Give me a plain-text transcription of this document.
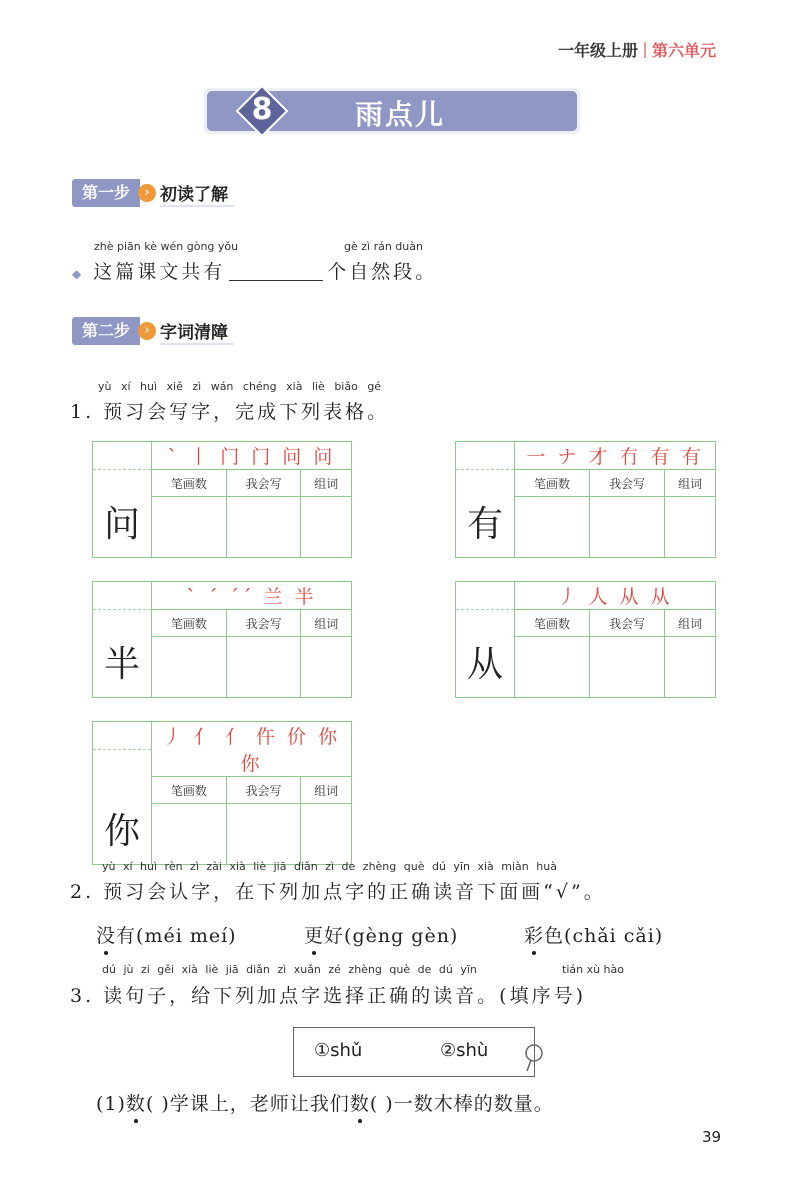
一年级上册 第六单元
8	雨点儿
第一步	› 初读了解
zhè piān kè wén gòng yǒu	gè zì rán duàn
◆ 这篇课文共有	个自然段。
第二步	› 字词清障
yù xí huì xiě zì wán chéng xià liè biǎo gé
1. 预习会写字，完成下列表格。
问	` 丨 门 门 问 问		
	笔画数	我会写	组词

有	一 ナ 才 冇 有 有		
	笔画数	我会写	组词

半	` ˊ ˊˊ 兰 半		
	笔画数	我会写	组词

从	丿 人 从 从		
	笔画数	我会写	组词

你	丿 亻 亻 仵 价 你 你		
	笔画数	我会写	组词

yù xí huì rèn zì zài xià liè jiā diǎn zì de zhèng què dú yīn xià miàn huà
2. 预习会认字，在下列加点字的正确读音下面画“√”。
没有(méi meí)	更好(gèng gèn)	彩色(chǎi cǎi)
dú jù zi gěi xià liè jiā diǎn zì xuǎn zé zhèng què de dú yīn	tián xù hào
3. 读句子，给下列加点字选择正确的读音。(填序号)
①shǔ	②shù
(1)数( )学课上，老师让我们数( )一数木棒的数量。
39
